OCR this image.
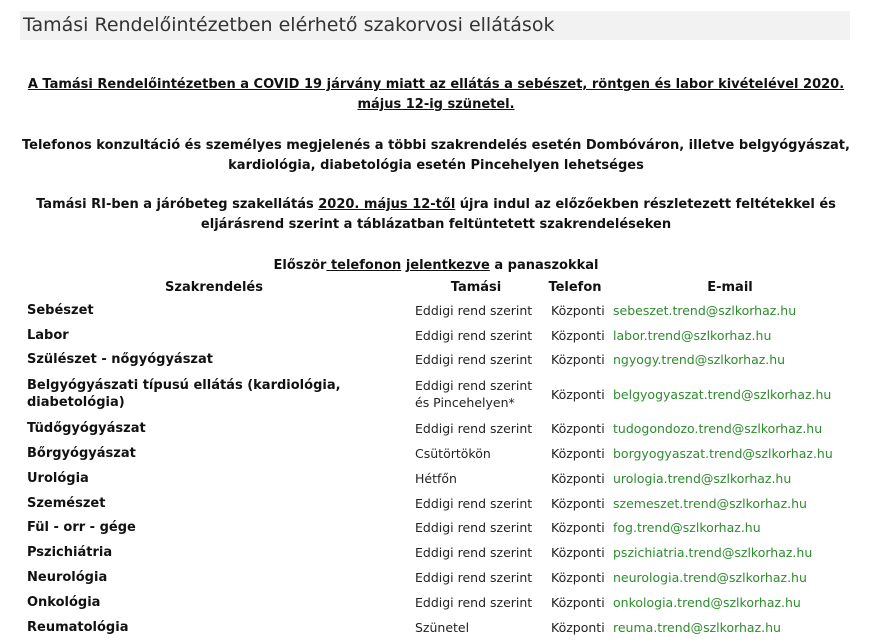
Tamási Rendelőintézetben elérhető szakorvosi ellátások
A Tamási Rendelőintézetben a COVID 19 járvány miatt az ellátás a sebészet, röntgen és labor kivételével 2020. május 12-ig szünetel.
Telefonos konzultáció és személyes megjelenés a többi szakrendelés esetén Dombóváron, illetve belgyógyászat,
kardiológia, diabetológia esetén Pincehelyen lehetséges
Tamási RI-ben a járóbeteg szakellátás 2020. május 12-től újra indul az előzőekben részletezett feltétekkel és eljárásrend szerint a táblázatban feltüntetett szakrendeléseken
Először telefonon jelentkezve a panaszokkal
Szakrendelés	Tamási	Telefon	E-mail
Sebészet	Eddigi rend szerint	Központi	sebeszet.trend@szlkorhaz.hu
Labor	Eddigi rend szerint	Központi	labor.trend@szlkorhaz.hu
Szülészet - nőgyógyászat	Eddigi rend szerint	Központi	ngyogy.trend@szlkorhaz.hu
Belgyógyászati típusú ellátás (kardiológia, diabetológia)	Eddigi rend szerint és Pincehelyen*	Központi	belgyogyaszat.trend@szlkorhaz.hu
Tüdőgyógyászat	Eddigi rend szerint	Központi	tudogondozo.trend@szlkorhaz.hu
Bőrgyógyászat	Csütörtökön	Központi	borgyogyaszat.trend@szlkorhaz.hu
Urológia	Hétfőn	Központi	urologia.trend@szlkorhaz.hu
Szemészet	Eddigi rend szerint	Központi	szemeszet.trend@szlkorhaz.hu
Fül - orr - gége	Eddigi rend szerint	Központi	fog.trend@szlkorhaz.hu
Pszichiátria	Eddigi rend szerint	Központi	pszichiatria.trend@szlkorhaz.hu
Neurológia	Eddigi rend szerint	Központi	neurologia.trend@szlkorhaz.hu
Onkológia	Eddigi rend szerint	Központi	onkologia.trend@szlkorhaz.hu
Reumatológia	Szünetel	Központi	reuma.trend@szlkorhaz.hu
